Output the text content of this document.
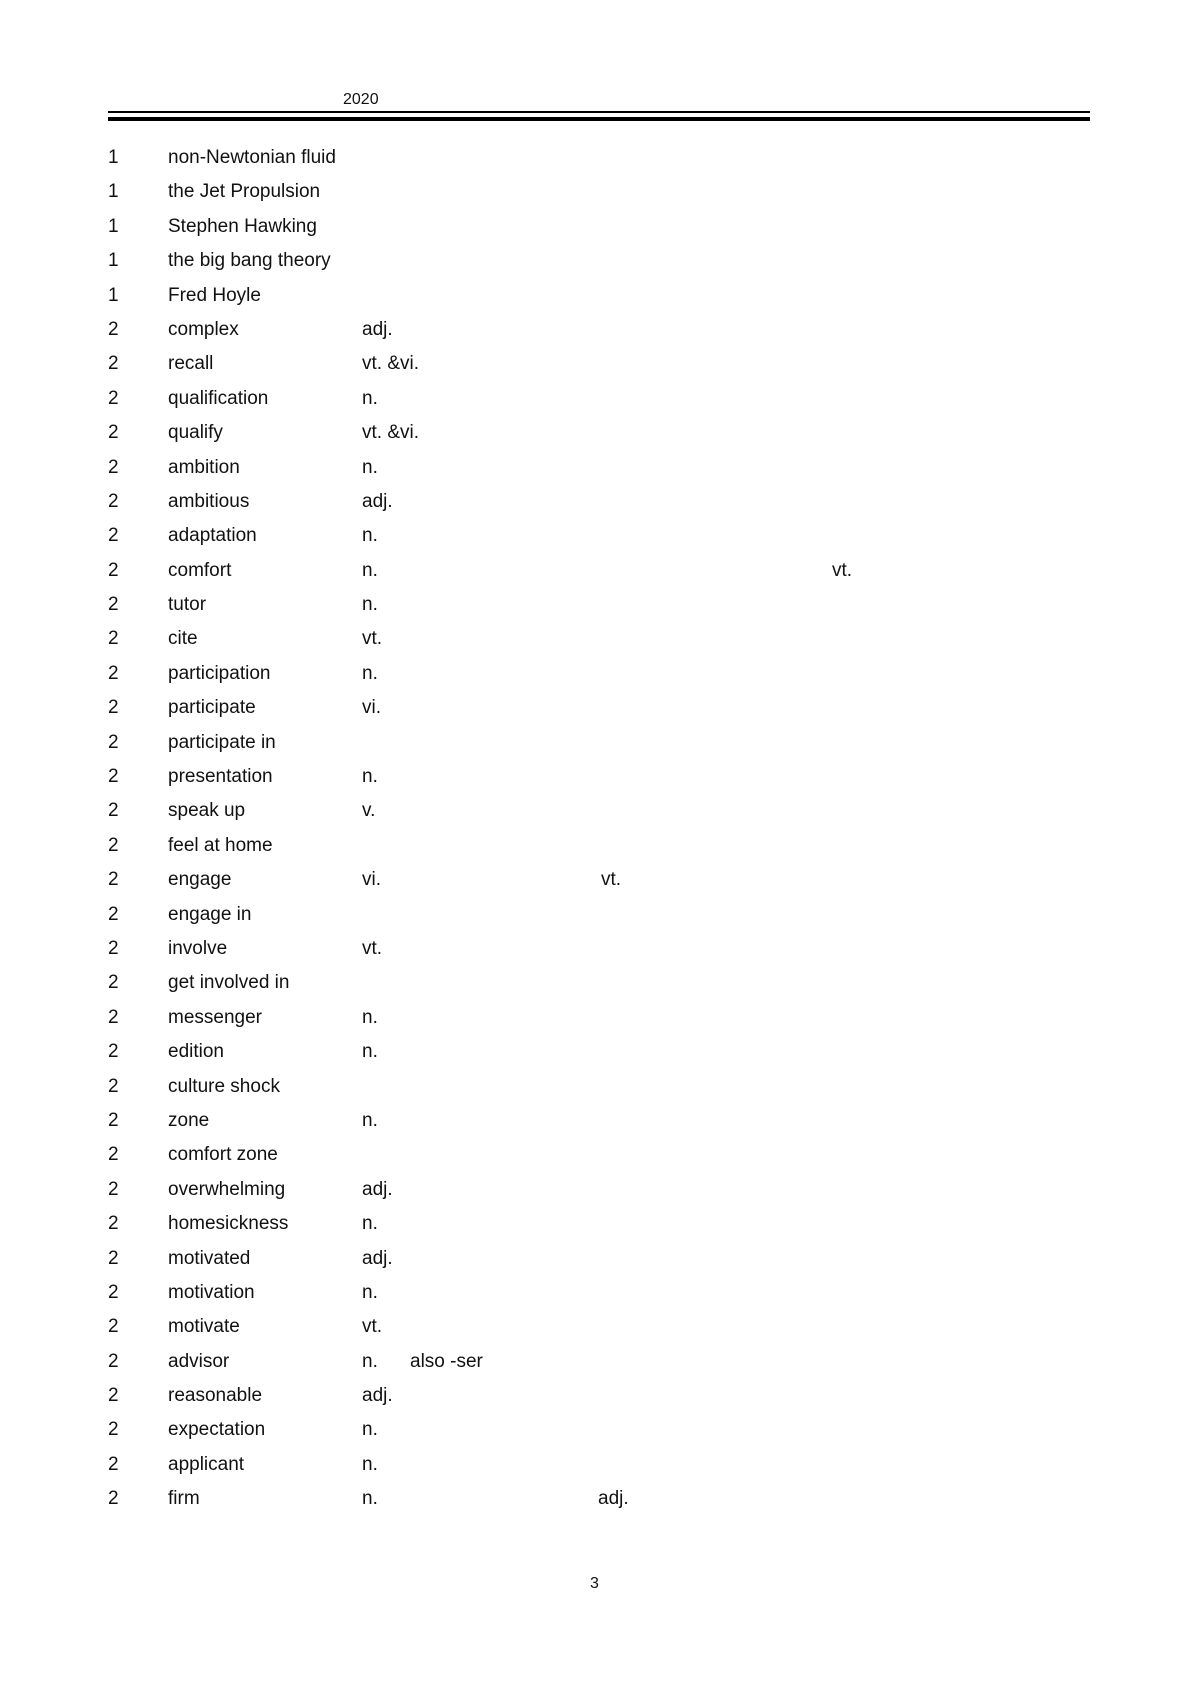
2020
1	non-Newtonian fluid
1	the Jet Propulsion
1	Stephen Hawking
1	the big bang theory
1	Fred Hoyle
2	complex	adj.
2	recall	vt. &vi.
2	qualification	n.
2	qualify	vt. &vi.
2	ambition	n.
2	ambitious	adj.
2	adaptation	n.
2	comfort	n.	vt.
2	tutor	n.
2	cite	vt.
2	participation	n.
2	participate	vi.
2	participate in
2	presentation	n.
2	speak up	v.
2	feel at home
2	engage	vi.	vt.
2	engage in
2	involve	vt.
2	get involved in
2	messenger	n.
2	edition	n.
2	culture shock
2	zone	n.
2	comfort zone
2	overwhelming	adj.
2	homesickness	n.
2	motivated	adj.
2	motivation	n.
2	motivate	vt.
2	advisor	n. also -ser
2	reasonable	adj.
2	expectation	n.
2	applicant	n.
2	firm	n.	adj.
3
